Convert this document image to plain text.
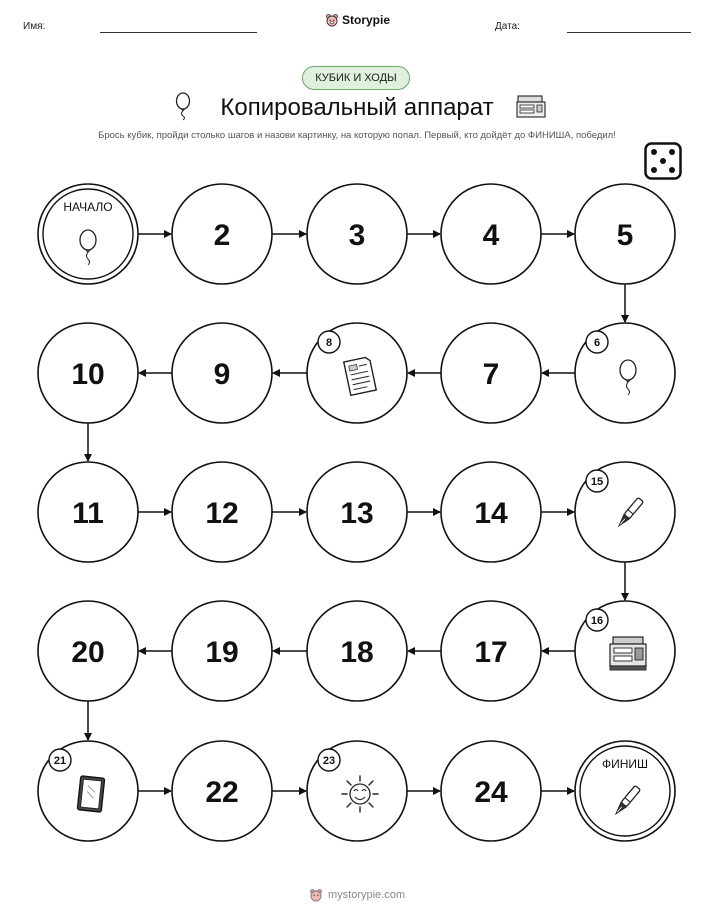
Имя:	Storypie	Дата:
КУБИК И ХОДЫ
Копировальный аппарат
Брось кубик, пройди столько шагов и назови картинку, на которую попал. Первый, кто дойдёт до ФИНИША, победил!
НАЧАЛО
2	3	4	5
6
7
8
9
10
11	12	13	14
15
16
17
18
19
20
21
22
23
24
ФИНИШ
mystorypie.com
